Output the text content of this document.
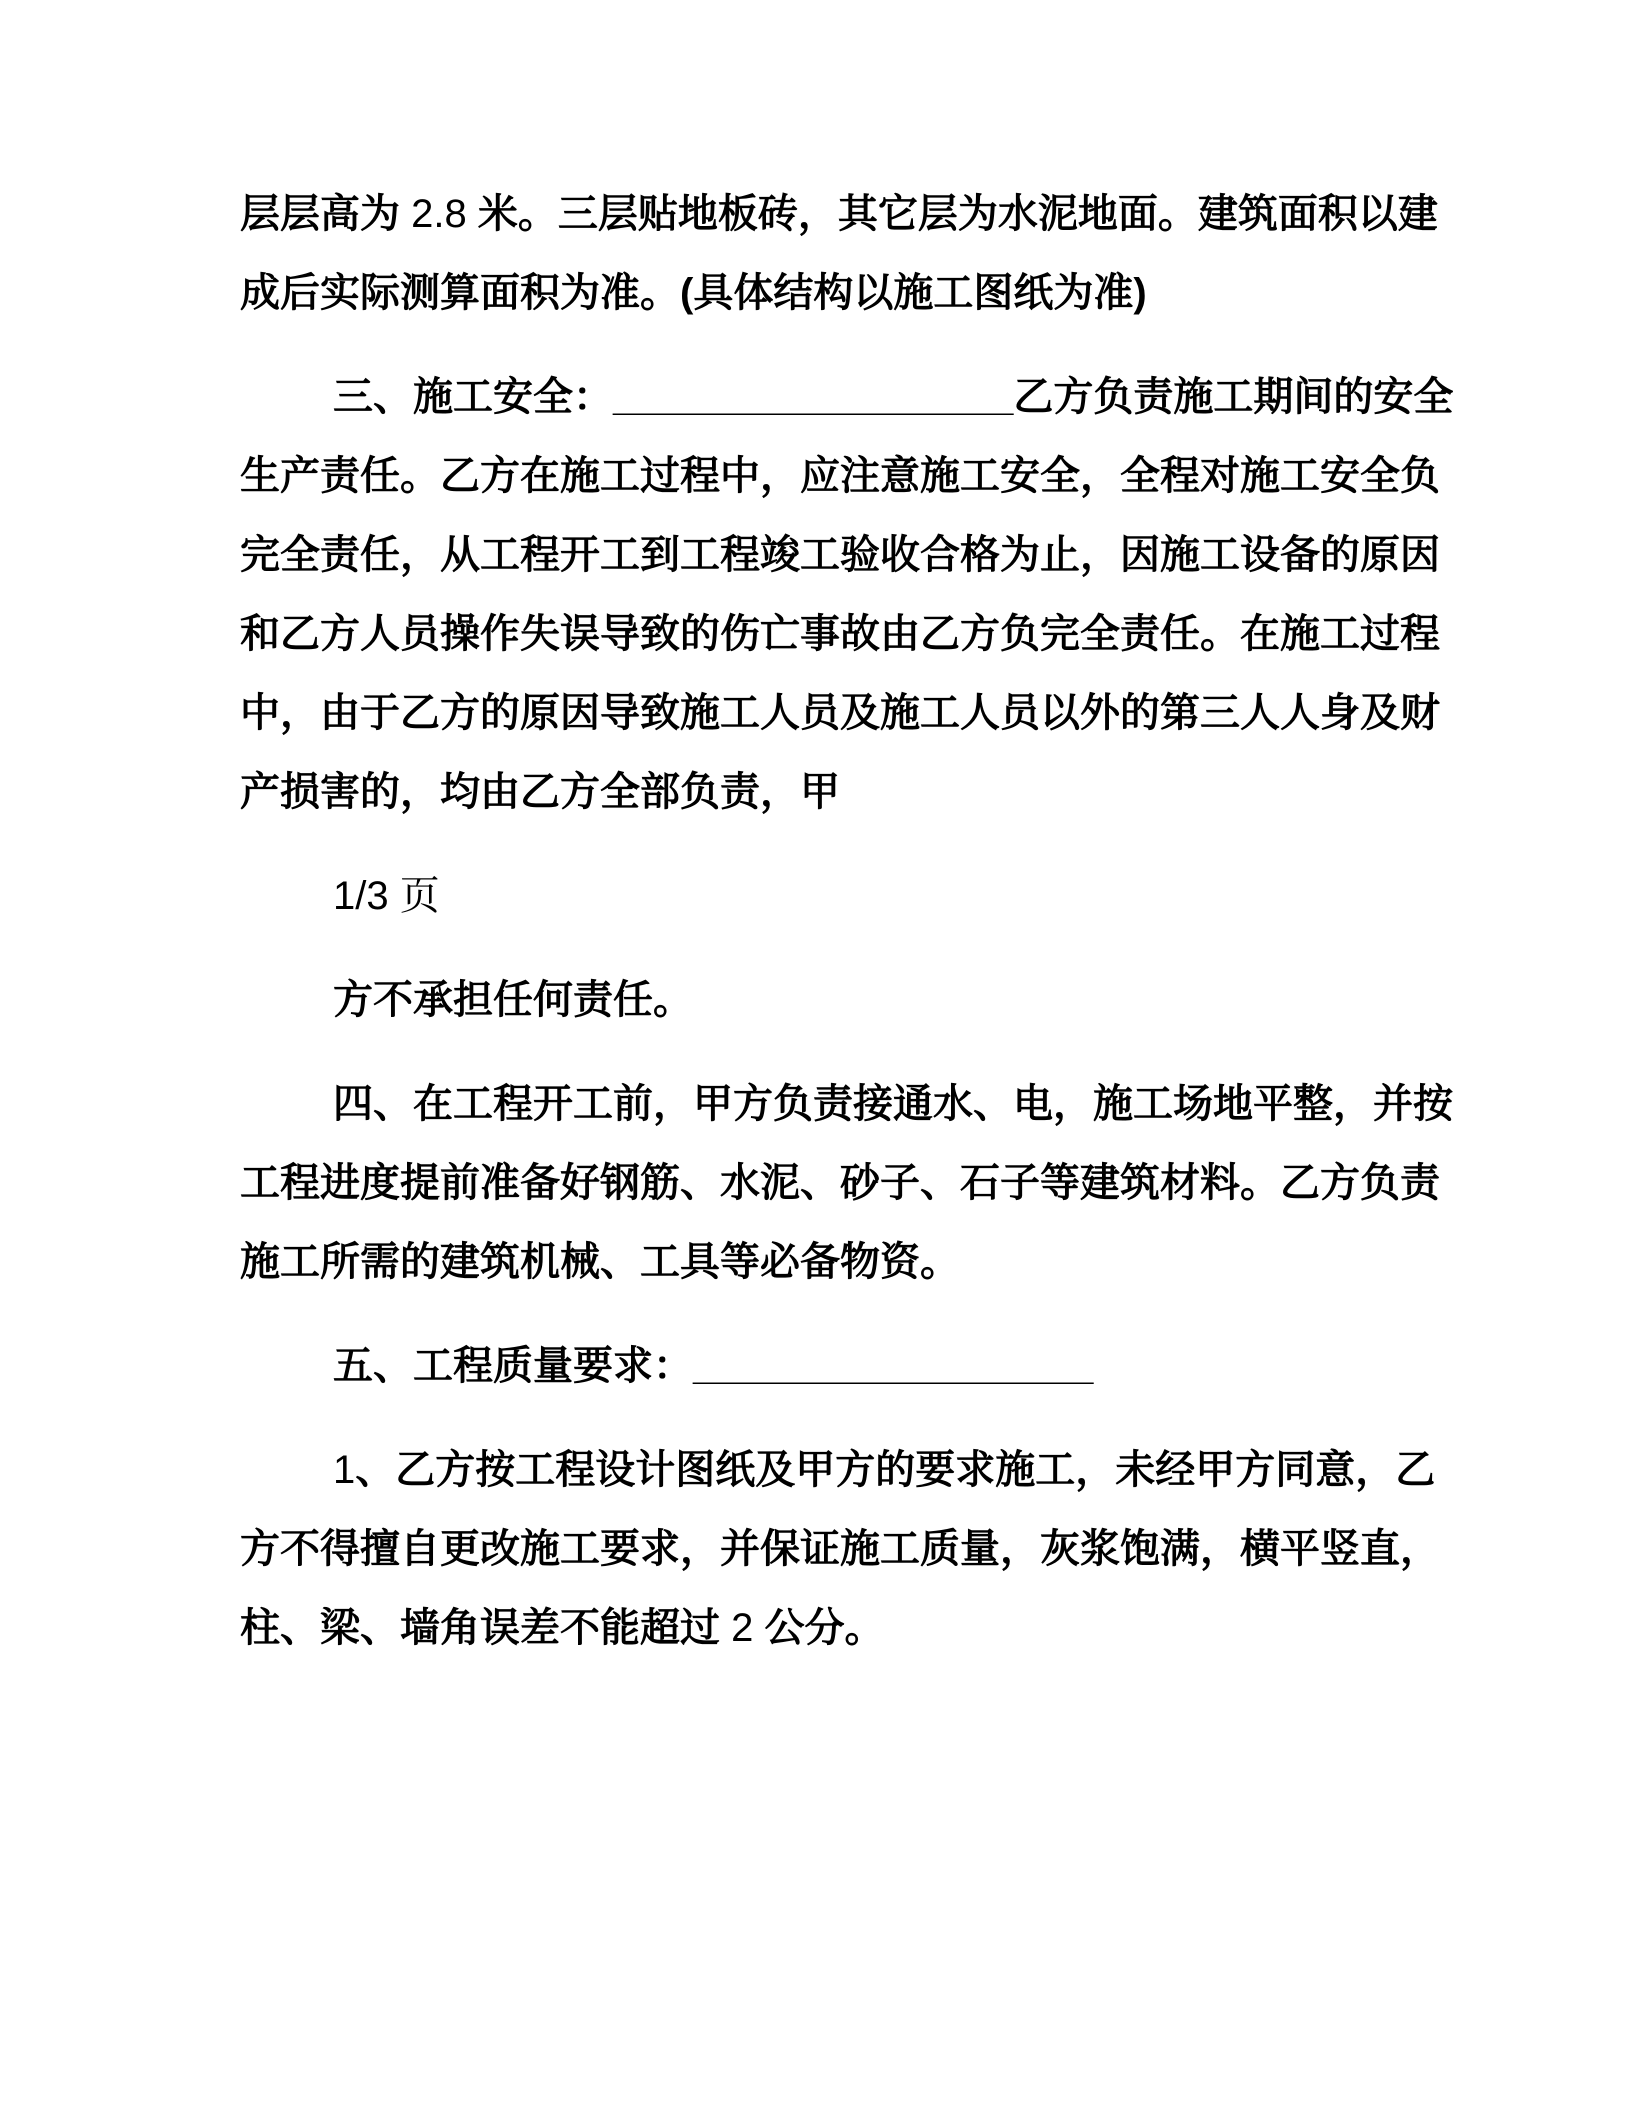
层层高为 2.8 米。三层贴地板砖，其它层为水泥地面。建筑面积以建
成后实际测算面积为准。(具体结构以施工图纸为准)
三、施工安全：__________________乙方负责施工期间的安全
生产责任。乙方在施工过程中，应注意施工安全，全程对施工安全负
完全责任，从工程开工到工程竣工验收合格为止，因施工设备的原因
和乙方人员操作失误导致的伤亡事故由乙方负完全责任。在施工过程
中，由于乙方的原因导致施工人员及施工人员以外的第三人人身及财
产损害的，均由乙方全部负责，甲
1/3 页
方不承担任何责任。
四、在工程开工前，甲方负责接通水、电，施工场地平整，并按
工程进度提前准备好钢筋、水泥、砂子、石子等建筑材料。乙方负责
施工所需的建筑机械、工具等必备物资。
五、工程质量要求：__________________
1、乙方按工程设计图纸及甲方的要求施工，未经甲方同意，乙
方不得擅自更改施工要求，并保证施工质量，灰浆饱满，横平竖直，
柱、梁、墙角误差不能超过 2 公分。
